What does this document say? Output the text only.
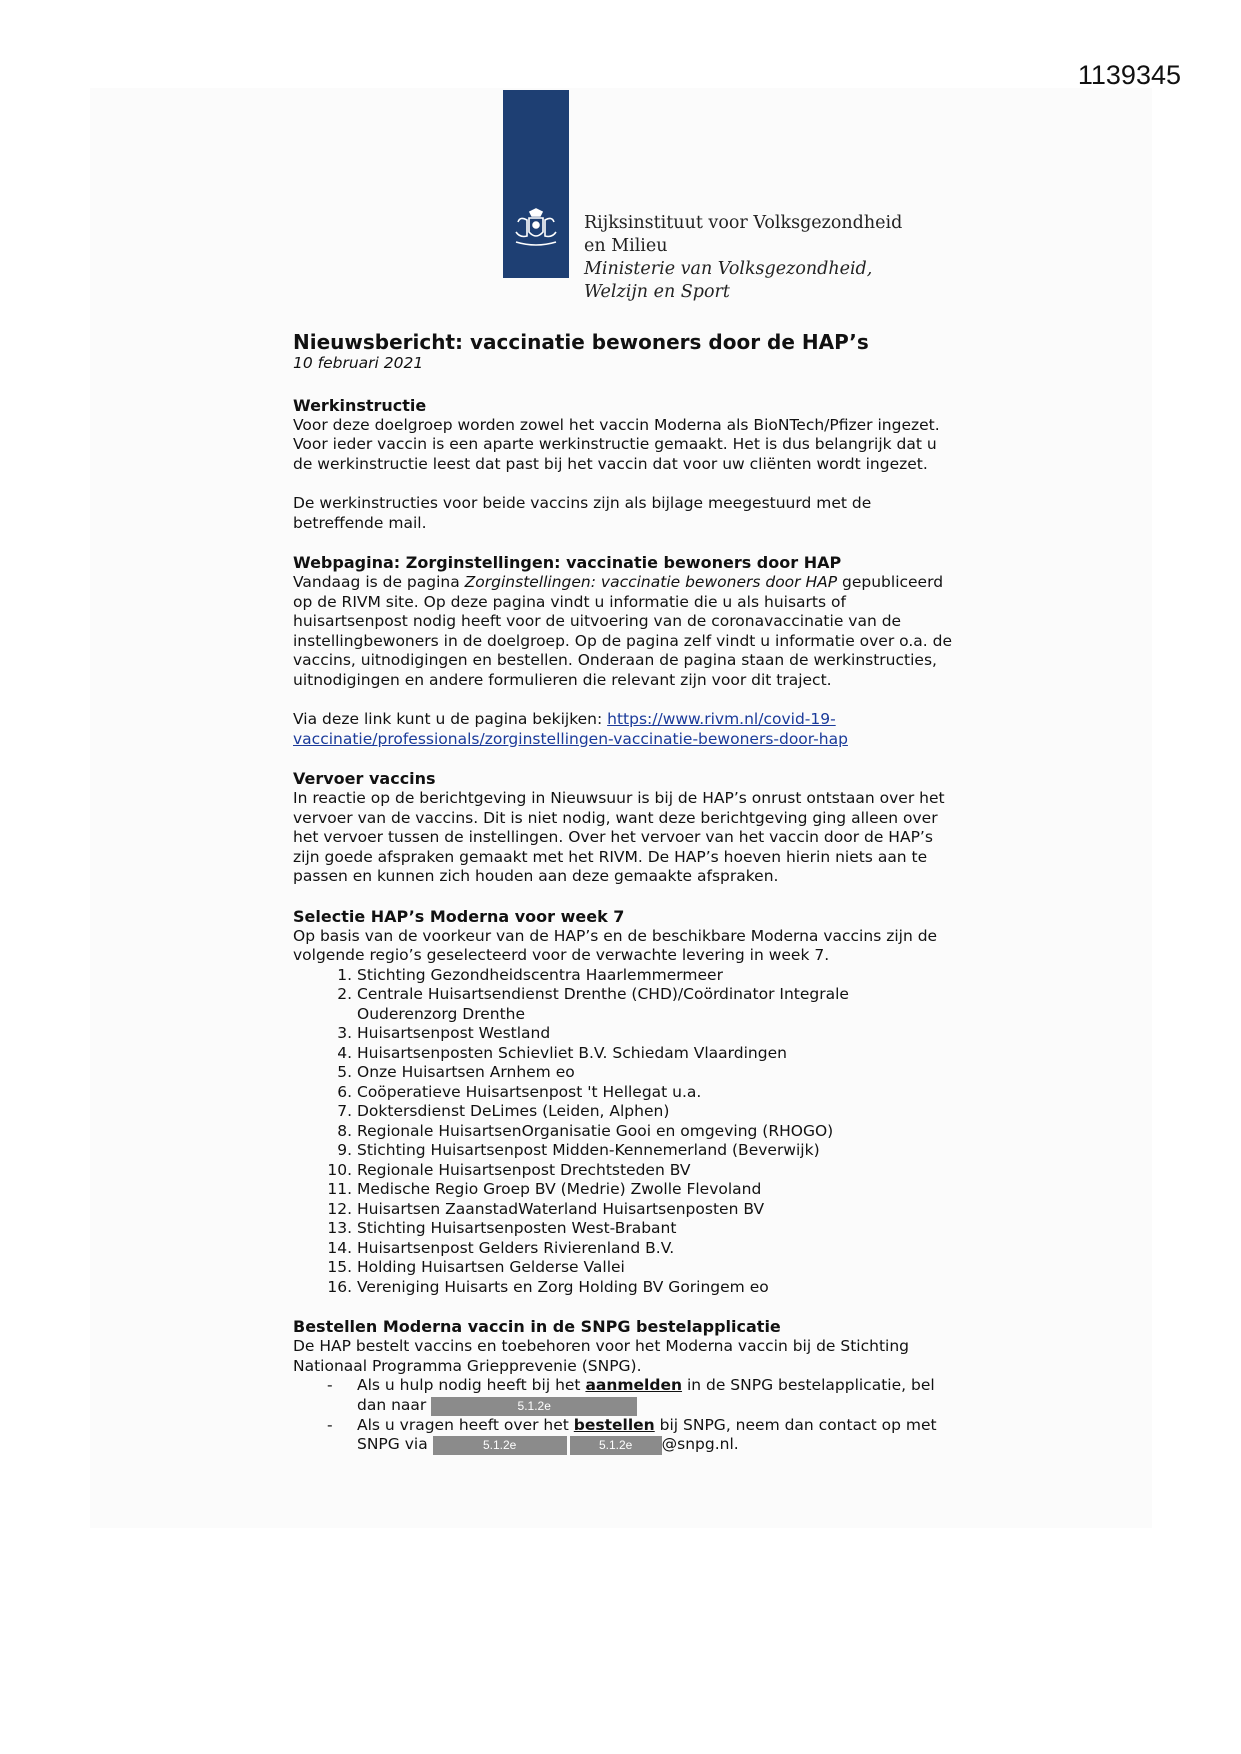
1139345
Rijksinstituut voor Volksgezondheid
en Milieu
Ministerie van Volksgezondheid,
Welzijn en Sport
Nieuwsbericht: vaccinatie bewoners door de HAP’s
10 februari 2021
Werkinstructie

Voor deze doelgroep worden zowel het vaccin Moderna als BioNTech/Pfizer ingezet. Voor ieder vaccin is een aparte werkinstructie gemaakt. Het is dus belangrijk dat u de werkinstructie leest dat past bij het vaccin dat voor uw cliënten wordt ingezet.

De werkinstructies voor beide vaccins zijn als bijlage meegestuurd met de betreffende mail.

Webpagina: Zorginstellingen: vaccinatie bewoners door HAP

Vandaag is de pagina Zorginstellingen: vaccinatie bewoners door HAP gepubliceerd op de RIVM site. Op deze pagina vindt u informatie die u als huisarts of huisartsenpost nodig heeft voor de uitvoering van de coronavaccinatie van de instellingbewoners in de doelgroep. Op de pagina zelf vindt u informatie over o.a. de vaccins, uitnodigingen en bestellen. Onderaan de pagina staan de werkinstructies, uitnodigingen en andere formulieren die relevant zijn voor dit traject.

Via deze link kunt u de pagina bekijken: https://www.rivm.nl/covid-19-vaccinatie/professionals/zorginstellingen-vaccinatie-bewoners-door-hap

Vervoer vaccins

In reactie op de berichtgeving in Nieuwsuur is bij de HAP’s onrust ontstaan over het vervoer van de vaccins. Dit is niet nodig, want deze berichtgeving ging alleen over het vervoer tussen de instellingen. Over het vervoer van het vaccin door de HAP’s zijn goede afspraken gemaakt met het RIVM. De HAP’s hoeven hierin niets aan te passen en kunnen zich houden aan deze gemaakte afspraken.

Selectie HAP’s Moderna voor week 7

Op basis van de voorkeur van de HAP’s en de beschikbare Moderna vaccins zijn de volgende regio’s geselecteerd voor de verwachte levering in week 7.

1. Stichting Gezondheidscentra Haarlemmermeer
2. Centrale Huisartsendienst Drenthe (CHD)/Coördinator Integrale Ouderenzorg Drenthe
3. Huisartsenpost Westland
4. Huisartsenposten Schievliet B.V. Schiedam Vlaardingen
5. Onze Huisartsen Arnhem eo
6. Coöperatieve Huisartsenpost 't Hellegat u.a.
7. Doktersdienst DeLimes (Leiden, Alphen)
8. Regionale HuisartsenOrganisatie Gooi en omgeving (RHOGO)
9. Stichting Huisartsenpost Midden-Kennemerland (Beverwijk)
10. Regionale Huisartsenpost Drechtsteden BV
11. Medische Regio Groep BV (Medrie) Zwolle Flevoland
12. Huisartsen ZaanstadWaterland Huisartsenposten BV
13. Stichting Huisartsenposten West-Brabant
14. Huisartsenpost Gelders Rivierenland B.V.
15. Holding Huisartsen Gelderse Vallei
16. Vereniging Huisarts en Zorg Holding BV Goringem eo
Bestellen Moderna vaccin in de SNPG bestelapplicatie

De HAP bestelt vaccins en toebehoren voor het Moderna vaccin bij de Stichting Nationaal Programma Griepprevenie (SNPG).

- Als u hulp nodig heeft bij het aanmelden in de SNPG bestelapplicatie, bel dan naar	5.1.2e
- Als u vragen heeft over het bestellen bij SNPG, neem dan contact op met SNPG via	5.1.2e	5.1.2e @snpg.nl.
